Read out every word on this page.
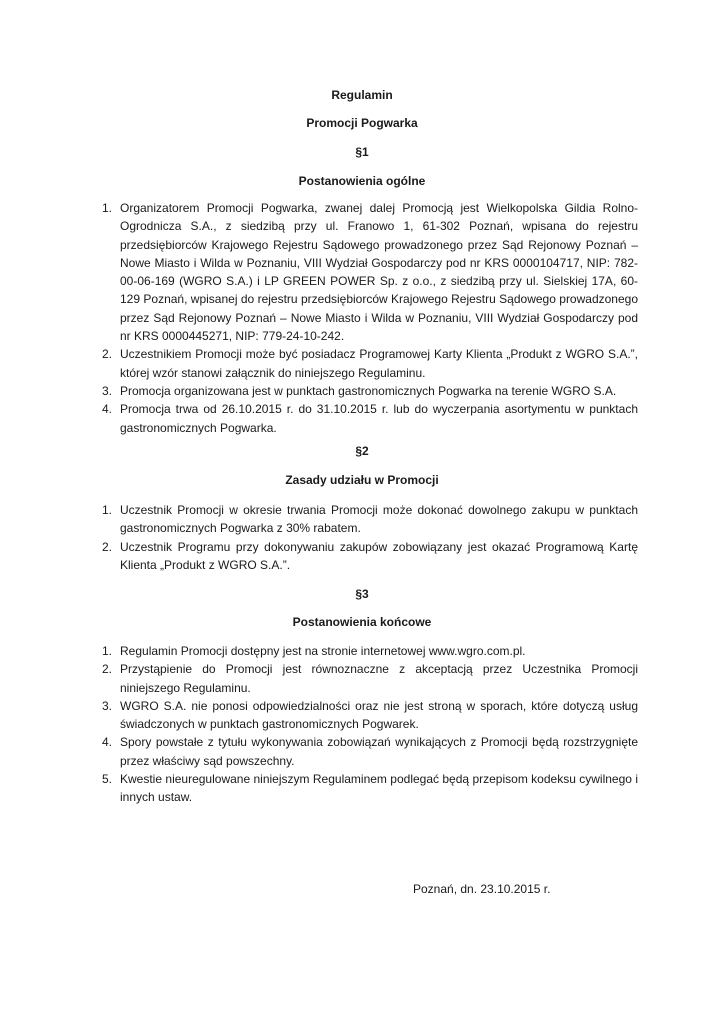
Regulamin

Promocji Pogwarka

§1

Postanowienia ogólne

1. Organizatorem Promocji Pogwarka, zwanej dalej Promocją jest Wielkopolska Gildia Rolno-Ogrodnicza S.A., z siedzibą przy ul. Franowo 1, 61-302 Poznań, wpisana do rejestru przedsiębiorców Krajowego Rejestru Sądowego prowadzonego przez Sąd Rejonowy Poznań – Nowe Miasto i Wilda w Poznaniu, VIII Wydział Gospodarczy pod nr KRS 0000104717, NIP: 782-00-06-169 (WGRO S.A.) i LP GREEN POWER Sp. z o.o., z siedzibą przy ul. Sielskiej 17A, 60-129 Poznań, wpisanej do rejestru przedsiębiorców Krajowego Rejestru Sądowego prowadzonego przez Sąd Rejonowy Poznań – Nowe Miasto i Wilda w Poznaniu, VIII Wydział Gospodarczy pod nr KRS 0000445271, NIP: 779-24-10-242.
2. Uczestnikiem Promocji może być posiadacz Programowej Karty Klienta „Produkt z WGRO S.A.”, której wzór stanowi załącznik do niniejszego Regulaminu.
3. Promocja organizowana jest w punktach gastronomicznych Pogwarka na terenie WGRO S.A.
4. Promocja trwa od 26.10.2015 r. do 31.10.2015 r. lub do wyczerpania asortymentu w punktach gastronomicznych Pogwarka.

§2

Zasady udziału w Promocji

1. Uczestnik Promocji w okresie trwania Promocji może dokonać dowolnego zakupu w punktach gastronomicznych Pogwarka z 30% rabatem.
2. Uczestnik Programu przy dokonywaniu zakupów zobowiązany jest okazać Programową Kartę Klienta „Produkt z WGRO S.A.”.

§3

Postanowienia końcowe

1. Regulamin Promocji dostępny jest na stronie internetowej www.wgro.com.pl.
2. Przystąpienie do Promocji jest równoznaczne z akceptacją przez Uczestnika Promocji niniejszego Regulaminu.
3. WGRO S.A. nie ponosi odpowiedzialności oraz nie jest stroną w sporach, które dotyczą usług świadczonych w punktach gastronomicznych Pogwarek.
4. Spory powstałe z tytułu wykonywania zobowiązań wynikających z Promocji będą rozstrzygnięte przez właściwy sąd powszechny.
5. Kwestie nieuregulowane niniejszym Regulaminem podlegać będą przepisom kodeksu cywilnego i innych ustaw.

Poznań, dn. 23.10.2015 r.
